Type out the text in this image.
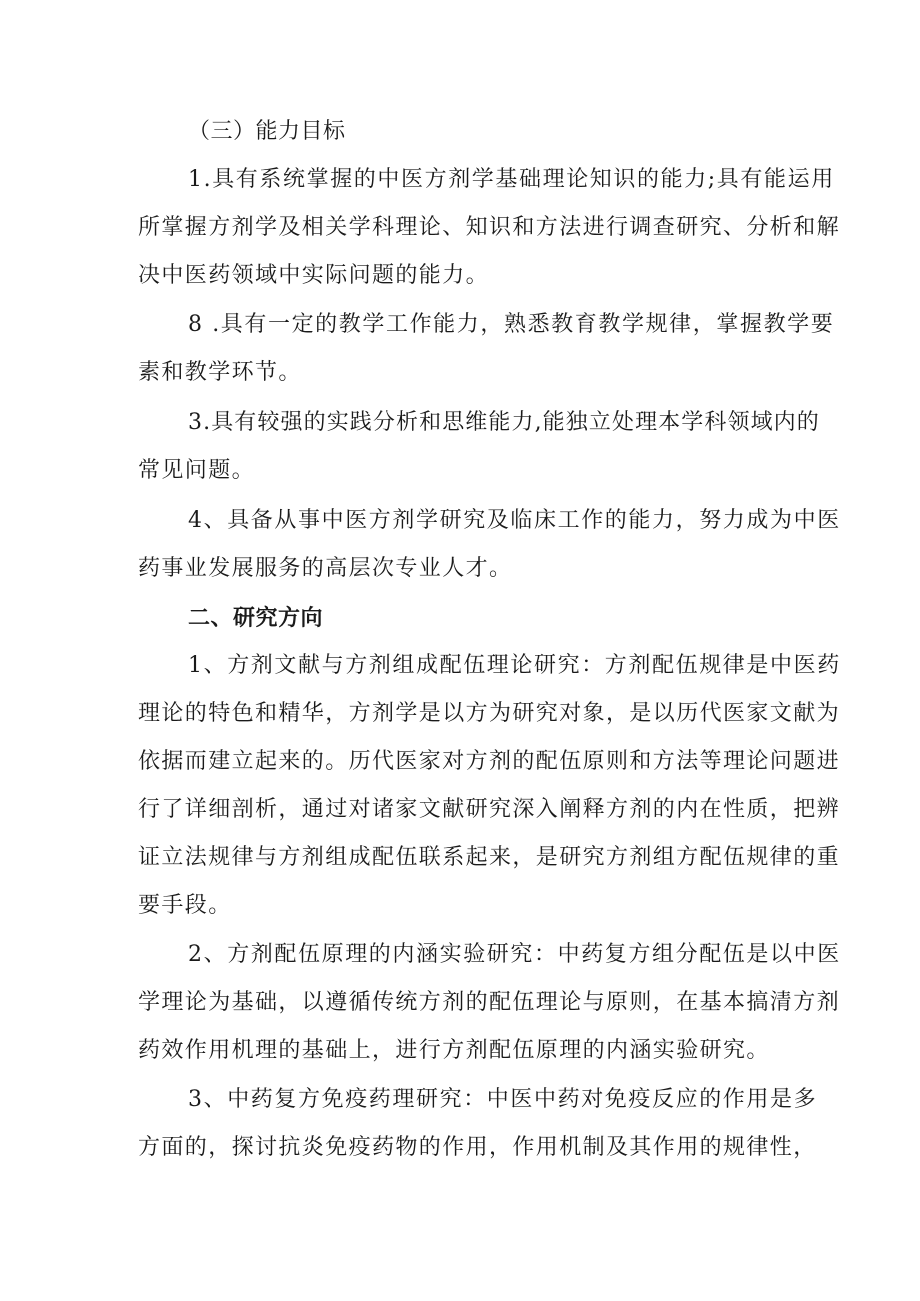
（三）能力目标
1.具有系统掌握的中医方剂学基础理论知识的能力;具有能运用
所掌握方剂学及相关学科理论、知识和方法进行调查研究、分析和解
决中医药领域中实际问题的能力。
8 .具有一定的教学工作能力，熟悉教育教学规律，掌握教学要
素和教学环节。
3.具有较强的实践分析和思维能力,能独立处理本学科领域内的
常见问题。
4、具备从事中医方剂学研究及临床工作的能力，努力成为中医
药事业发展服务的高层次专业人才。
二、研究方向
1、方剂文献与方剂组成配伍理论研究：方剂配伍规律是中医药
理论的特色和精华，方剂学是以方为研究对象，是以历代医家文献为
依据而建立起来的。历代医家对方剂的配伍原则和方法等理论问题进
行了详细剖析，通过对诸家文献研究深入阐释方剂的内在性质，把辨
证立法规律与方剂组成配伍联系起来，是研究方剂组方配伍规律的重
要手段。
2、方剂配伍原理的内涵实验研究：中药复方组分配伍是以中医
学理论为基础，以遵循传统方剂的配伍理论与原则，在基本搞清方剂
药效作用机理的基础上，进行方剂配伍原理的内涵实验研究。
3、中药复方免疫药理研究：中医中药对免疫反应的作用是多
方面的，探讨抗炎免疫药物的作用，作用机制及其作用的规律性，
